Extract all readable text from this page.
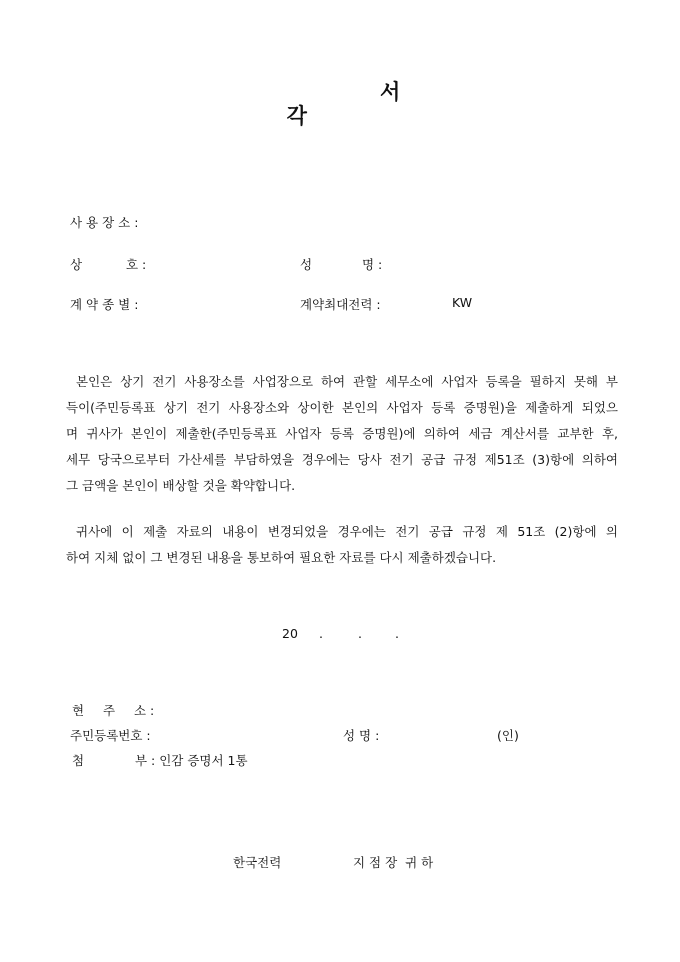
각

서

사 용 장 소 :
상	호 :	성	명 :
계 약 종 별 :	계약최대전력 :	KW
본인은 상기 전기 사용장소를 사업장으로 하여 관할 세무소에 사업자 등록을 필하지 못해 부
득이(주민등록표 상기 전기 사용장소와 상이한 본인의 사업자 등록 증명원)을 제출하게 되었으
며 귀사가 본인이 제출한(주민등록표 사업자 등록 증명원)에 의하여 세금 계산서를 교부한 후,
세무 당국으로부터 가산세를 부담하였을 경우에는 당사 전기 공급 규정 제51조 (3)항에 의하여
그 금액을 본인이 배상할 것을 확약합니다.
귀사에 이 제출 자료의 내용이 변경되었을 경우에는 전기 공급 규정 제 51조 (2)항에 의
하여 지체 없이 그 변경된 내용을 통보하여 필요한 자료를 다시 제출하겠습니다.
20 .	.	.
현 주 소 :
주민등록번호 :	성 명 :	(인)
첨	부 : 인감 증명서 1통
한국전력	지 점 장  귀 하
